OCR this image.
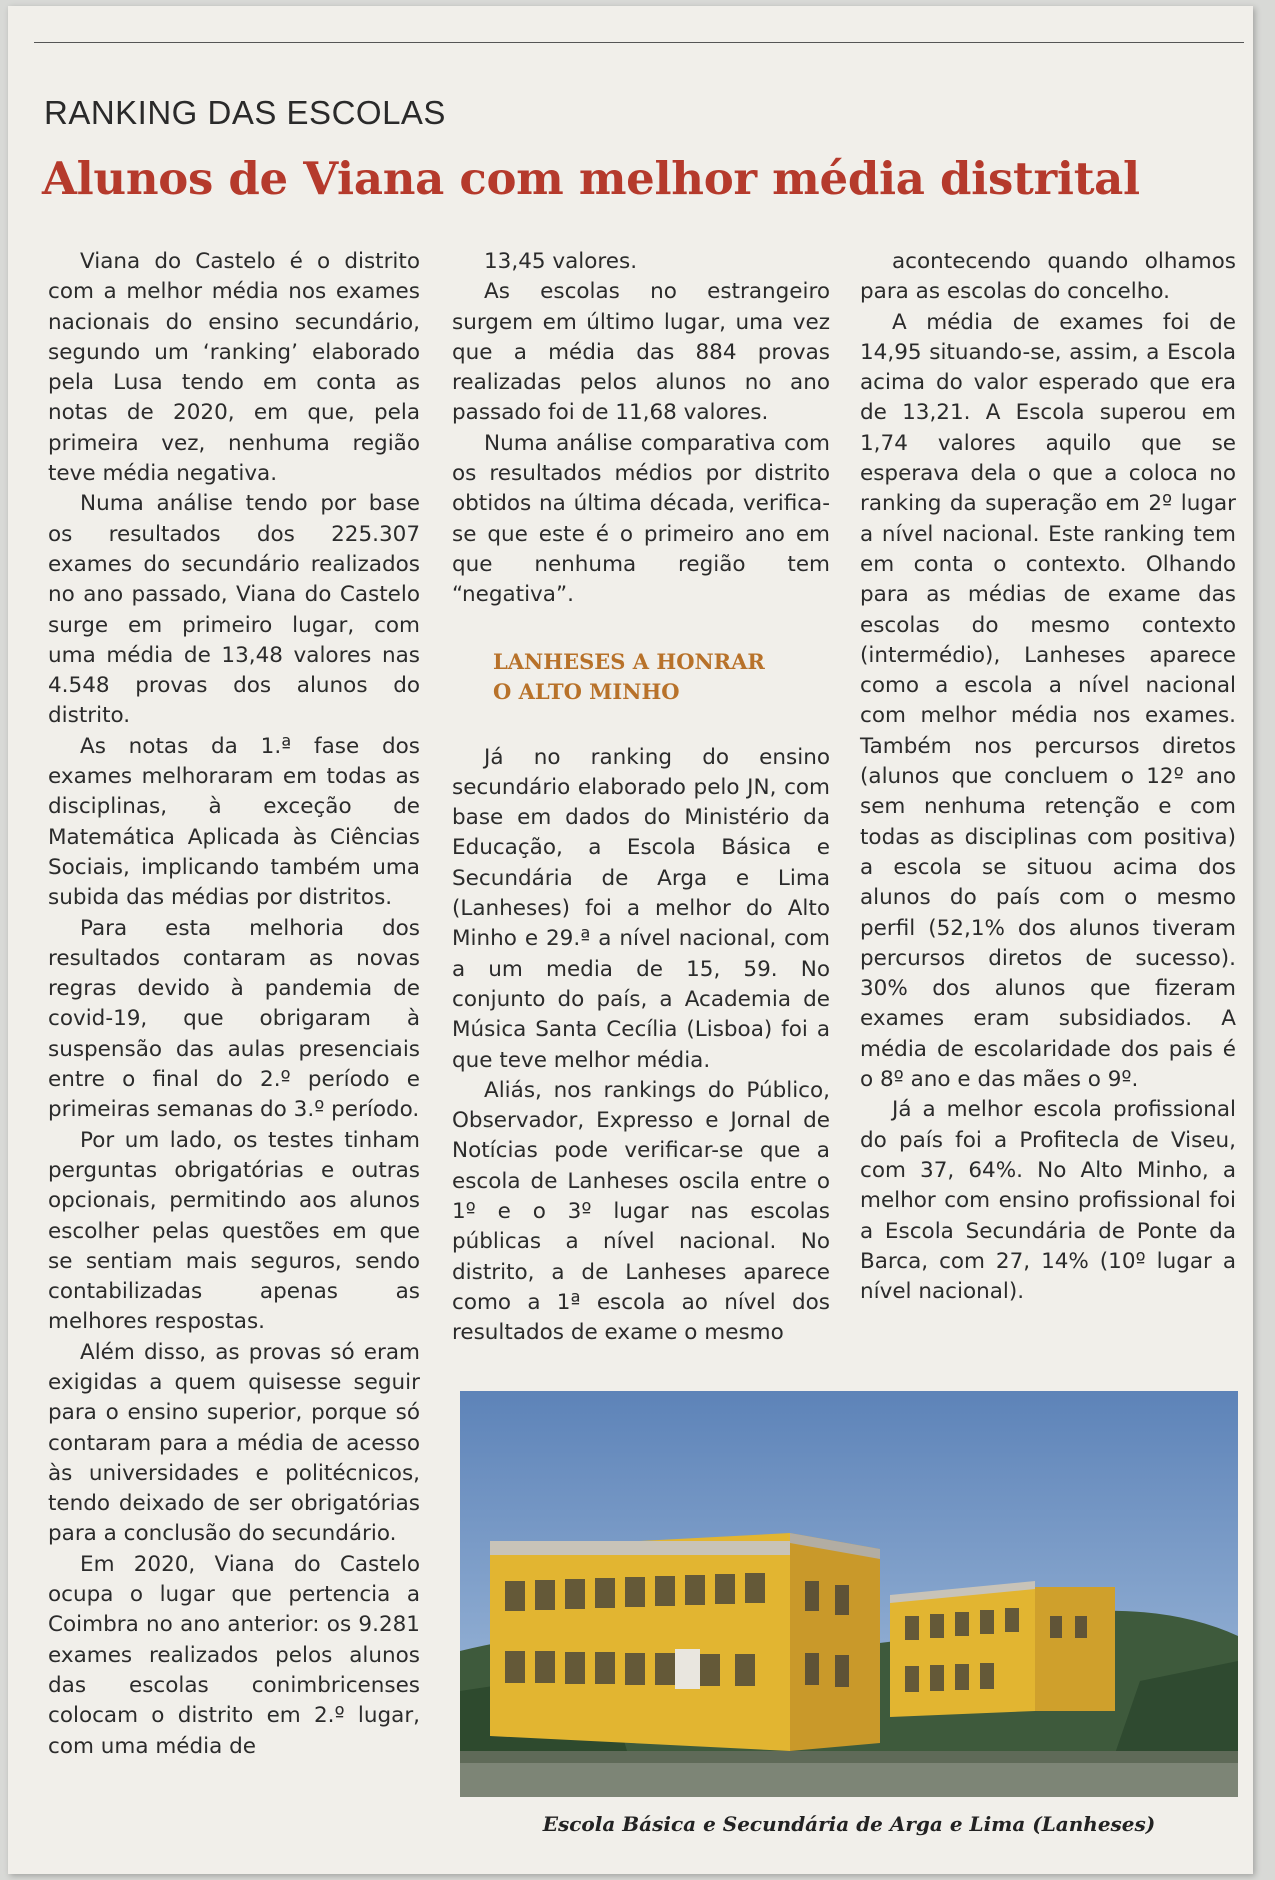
RANKING DAS ESCOLAS
Alunos de Viana com melhor média distrital

Viana do Castelo é o distrito com a melhor média nos exames nacionais do ensino secundário, segundo um ‘ranking’ elaborado pela Lusa tendo em conta as notas de 2020, em que, pela primeira vez, nenhuma região teve média negativa.

Numa análise tendo por base os resultados dos 225.307 exames do secundário realizados no ano passado, Viana do Castelo surge em primeiro lugar, com uma média de 13,48 valores nas 4.548 provas dos alunos do distrito.

As notas da 1.ª fase dos exames melhoraram em todas as disciplinas, à exceção de Matemática Aplicada às Ciências Sociais, implicando também uma subida das médias por distritos.

Para esta melhoria dos resultados contaram as novas regras devido à pandemia de covid-19, que obrigaram à suspensão das aulas presenciais entre o final do 2.º período e primeiras semanas do 3.º período.

Por um lado, os testes tinham perguntas obrigatórias e outras opcionais, permitindo aos alunos escolher pelas questões em que se sentiam mais seguros, sendo contabilizadas apenas as melhores respostas.

Além disso, as provas só eram exigidas a quem quisesse seguir para o ensino superior, porque só contaram para a média de acesso às universidades e politécnicos, tendo deixado de ser obrigatórias para a conclusão do secundário.

Em 2020, Viana do Castelo ocupa o lugar que pertencia a Coimbra no ano anterior: os 9.281 exames realizados pelos alunos das escolas conimbricenses colocam o distrito em 2.º lugar, com uma média de

13,45 valores.

As escolas no estrangeiro surgem em último lugar, uma vez que a média das 884 provas realizadas pelos alunos no ano passado foi de 11,68 valores.

Numa análise comparativa com os resultados médios por distrito obtidos na última década, verifica-se que este é o primeiro ano em que nenhuma região tem “negativa”.

LANHESES A HONRAR
O ALTO MINHO

Já no ranking do ensino secundário elaborado pelo JN, com base em dados do Ministério da Educação, a Escola Básica e Secundária de Arga e Lima (Lanheses) foi a melhor do Alto Minho e 29.ª a nível nacional, com a um media de 15, 59. No conjunto do país, a Academia de Música Santa Cecília (Lisboa) foi a que teve melhor média.

Aliás, nos rankings do Público, Observador, Expresso e Jornal de Notícias pode verificar-se que a escola de Lanheses oscila entre o 1º e o 3º lugar nas escolas públicas a nível nacional. No distrito, a de Lanheses aparece como a 1ª escola ao nível dos resultados de exame o mesmo

acontecendo quando olhamos para as escolas do concelho.

A média de exames foi de 14,95 situando-se, assim, a Escola acima do valor esperado que era de 13,21. A Escola superou em 1,74 valores aquilo que se esperava dela o que a coloca no ranking da superação em 2º lugar a nível nacional. Este ranking tem em conta o contexto. Olhando para as médias de exame das escolas do mesmo contexto (intermédio), Lanheses aparece como a escola a nível nacional com melhor média nos exames. Também nos percursos diretos (alunos que concluem o 12º ano sem nenhuma retenção e com todas as disciplinas com positiva) a escola se situou acima dos alunos do país com o mesmo perfil (52,1% dos alunos tiveram percursos diretos de sucesso). 30% dos alunos que fizeram exames eram subsidiados. A média de escolaridade dos pais é o 8º ano e das mães o 9º.

Já a melhor escola profissional do país foi a Profitecla de Viseu, com 37, 64%. No Alto Minho, a melhor com ensino profissional foi a Escola Secundária de Ponte da Barca, com 27, 14% (10º lugar a nível nacional).

Escola Básica e Secundária de Arga e Lima (Lanheses)
